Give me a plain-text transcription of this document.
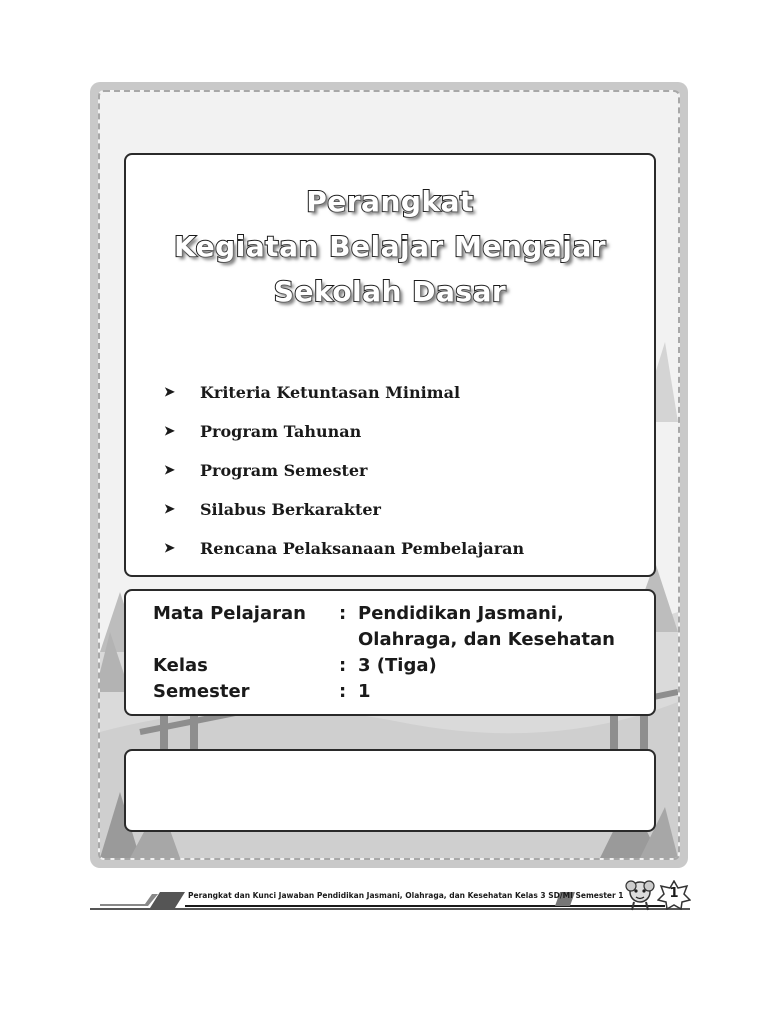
Perangkat
Kegiatan Belajar Mengajar
Sekolah Dasar
➤	Kriteria Ketuntasan Minimal
➤	Program Tahunan
➤	Program Semester
➤	Silabus Berkarakter
➤	Rencana Pelaksanaan Pembelajaran
Mata Pelajaran : Pendidikan Jasmani,
Olahraga, dan Kesehatan
Kelas	: 3 (Tiga)
Semester	: 1
Perangkat dan Kunci Jawaban Pendidikan Jasmani, Olahraga, dan Kesehatan Kelas 3 SD/MI Semester 1	1
